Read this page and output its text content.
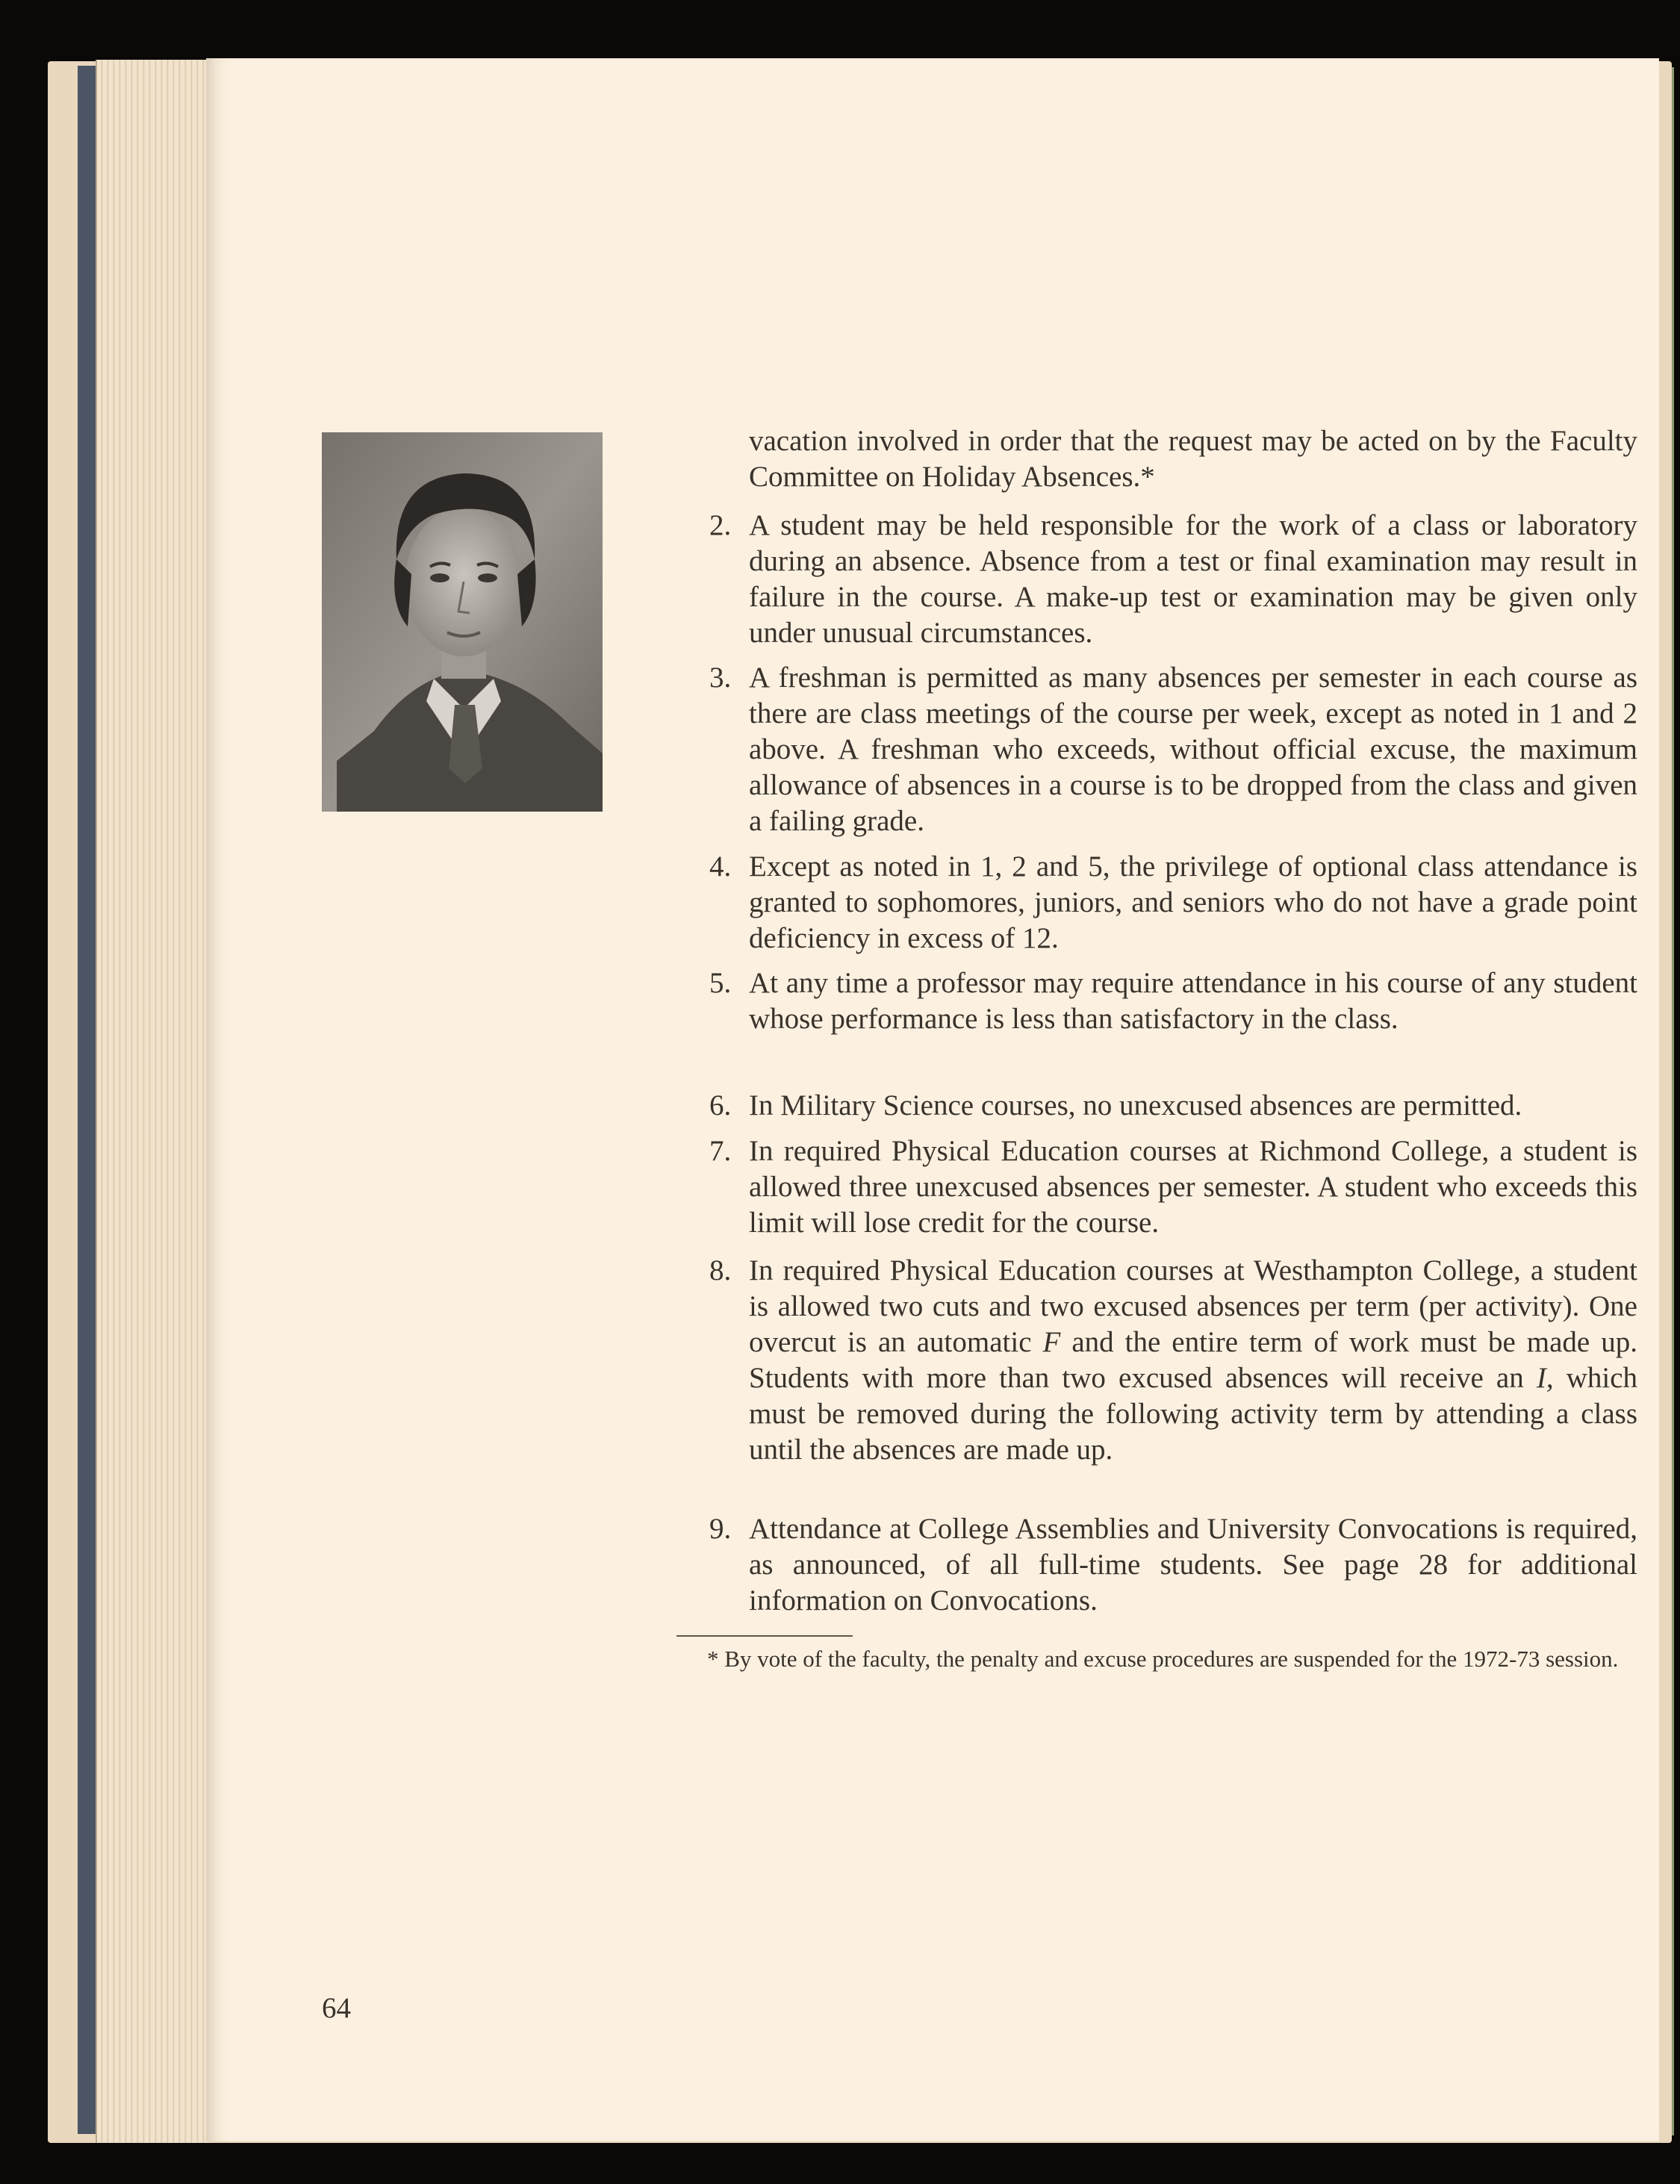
vacation involved in order that the request may be acted on by the Faculty Committee on Holiday Absences.*

2. A student may be held responsible for the work of a class or laboratory during an absence. Absence from a test or final examination may result in failure in the course. A make-up test or examination may be given only under unusual circumstances.
3. A freshman is permitted as many absences per semester in each course as there are class meetings of the course per week, except as noted in 1 and 2 above. A freshman who exceeds, without official excuse, the maximum allowance of absences in a course is to be dropped from the class and given a failing grade.
4. Except as noted in 1, 2 and 5, the privilege of optional class attendance is granted to sophomores, juniors, and seniors who do not have a grade point deficiency in excess of 12.
5. At any time a professor may require attendance in his course of any student whose performance is less than satisfactory in the class.
6. In Military Science courses, no unexcused absences are permitted.
7. In required Physical Education courses at Richmond College, a student is allowed three unexcused absences per semester. A student who exceeds this limit will lose credit for the course.
8. In required Physical Education courses at Westhampton College, a student is allowed two cuts and two excused absences per term (per activity). One overcut is an automatic F and the entire term of work must be made up. Students with more than two excused absences will receive an I, which must be removed during the following activity term by attending a class until the absences are made up.
9. Attendance at College Assemblies and University Convocations is required, as announced, of all full-time students. See page 28 for additional information on Convocations.
* By vote of the faculty, the penalty and excuse procedures are suspended for the 1972-73 session.
64
